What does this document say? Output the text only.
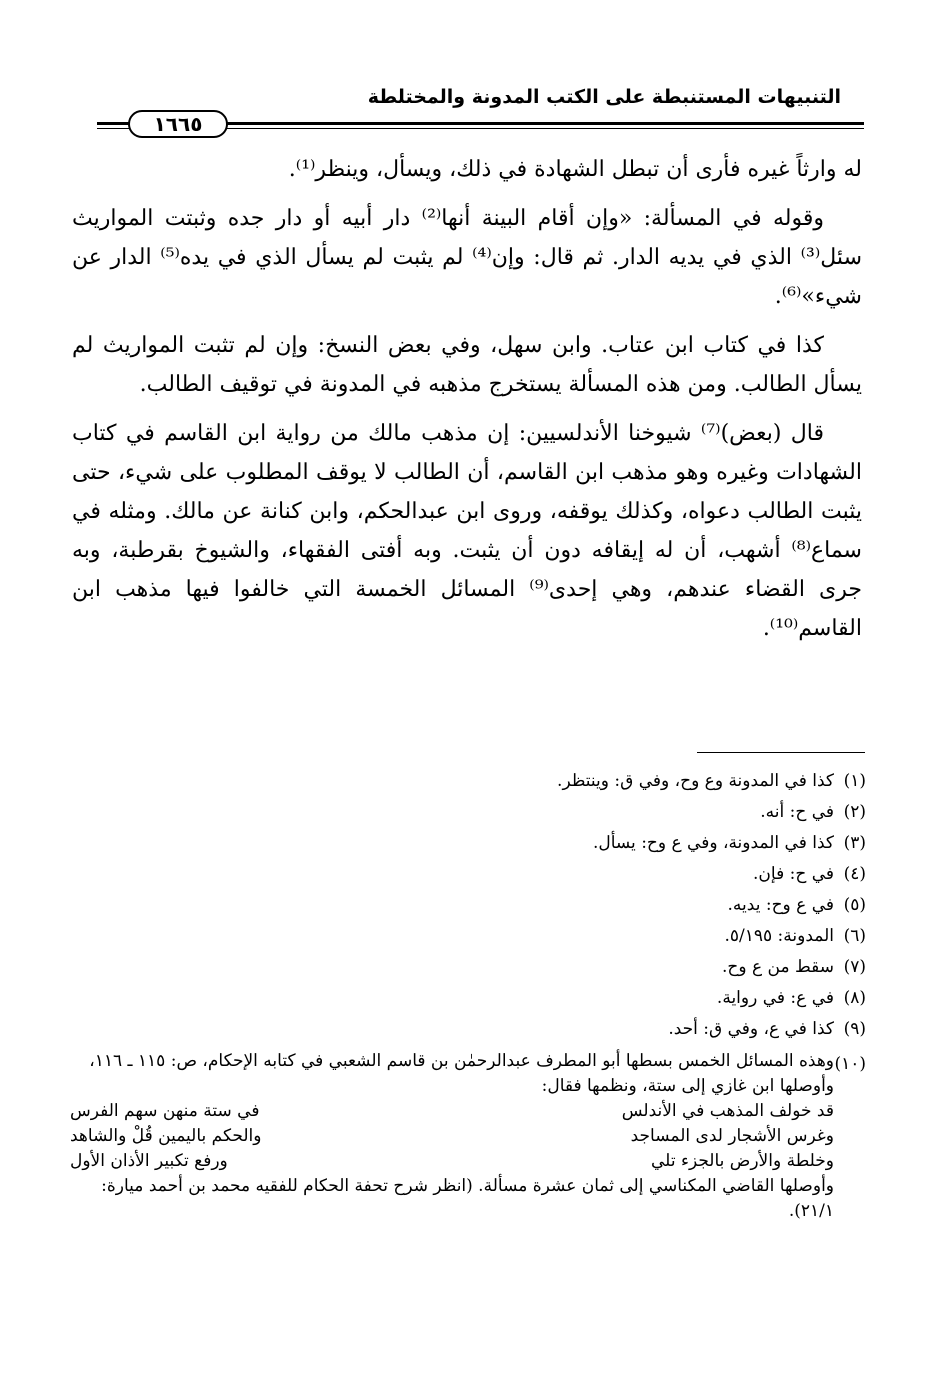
التنبيهات المستنبطة على الكتب المدونة والمختلطة
١٦٦٥

له وارثاً غيره فأرى أن تبطل الشهادة في ذلك، ويسأل، وينظر⁽¹⁾.

وقوله في المسألة: «وإن أقام البينة أنها⁽²⁾ دار أبيه أو دار جده وثبتت المواريث سئل⁽³⁾ الذي في يديه الدار. ثم قال: وإن⁽⁴⁾ لم يثبت لم يسأل الذي في يده⁽⁵⁾ الدار عن شيء»⁽⁶⁾.

كذا في كتاب ابن عتاب. وابن سهل، وفي بعض النسخ: وإن لم تثبت المواريث لم يسأل الطالب. ومن هذه المسألة يستخرج مذهبه في المدونة في توقيف الطالب.

قال (بعض)⁽⁷⁾ شيوخنا الأندلسيين: إن مذهب مالك من رواية ابن القاسم في كتاب الشهادات وغيره وهو مذهب ابن القاسم، أن الطالب لا يوقف المطلوب على شيء، حتى يثبت الطالب دعواه، وكذلك يوقفه، وروى ابن عبدالحكم، وابن كنانة عن مالك. ومثله في سماع⁽⁸⁾ أشهب، أن له إيقافه دون أن يثبت. وبه أفتى الفقهاء، والشيوخ بقرطبة، وبه جرى القضاء عندهم، وهي إحدى⁽⁹⁾ المسائل الخمسة التي خالفوا فيها مذهب ابن القاسم⁽¹⁰⁾.

(١)
كذا في المدونة وع وح، وفي ق: وينتظر.
(٢)
في ح: أنه.
(٣)
كذا في المدونة، وفي ع وح: يسأل.
(٤)
في ح: فإن.
(٥)
في ع وح: يديه.
(٦)
المدونة: ٥/١٩٥.
(٧)
سقط من ع وح.
(٨)
في ع: في رواية.
(٩)
كذا في ع، وفي ق: أحد.
(١٠)
وهذه المسائل الخمس بسطها أبو المطرف عبدالرحمٰن بن قاسم الشعبي في كتابه الإحكام، ص: ١١٥ ـ ١١٦، وأوصلها ابن غازي إلى ستة، ونظمها فقال:
قد خولف المذهب في الأندلس
في ستة منهن سهم الفرس
وغرس الأشجار لدى المساجد
والحكم باليمين قُلْ والشاهد
وخلطة والأرض بالجزء تلي
ورفع تكبير الأذان الأول
وأوصلها القاضي المكناسي إلى ثمان عشرة مسألة. (انظر شرح تحفة الحكام للفقيه محمد بن أحمد ميارة: ٢١/١).
